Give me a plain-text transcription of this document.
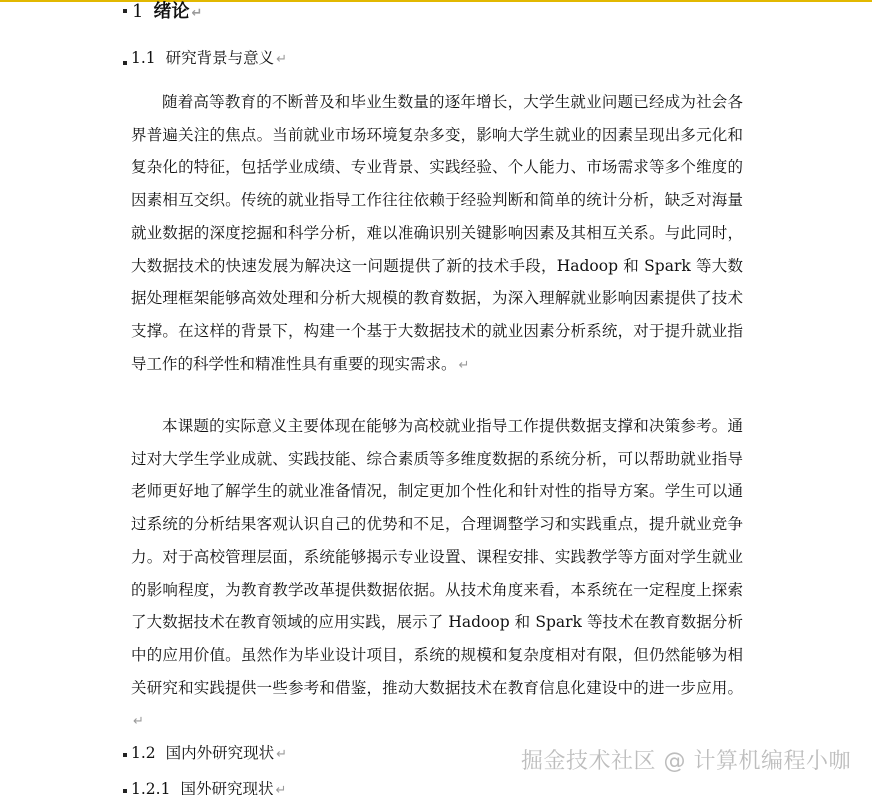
1 绪论 ↵
1.1 研究背景与意义 ↵

随着高等教育的不断普及和毕业生数量的逐年增长，大学生就业问题已经成为社会各界普遍关注的焦点。当前就业市场环境复杂多变，影响大学生就业的因素呈现出多元化和复杂化的特征，包括学业成绩、专业背景、实践经验、个人能力、市场需求等多个维度的因素相互交织。传统的就业指导工作往往依赖于经验判断和简单的统计分析，缺乏对海量就业数据的深度挖掘和科学分析，难以准确识别关键影响因素及其相互关系。与此同时，大数据技术的快速发展为解决这一问题提供了新的技术手段，Hadoop 和 Spark 等大数据处理框架能够高效处理和分析大规模的教育数据，为深入理解就业影响因素提供了技术支撑。在这样的背景下，构建一个基于大数据技术的就业因素分析系统，对于提升就业指导工作的科学性和精准性具有重要的现实需求。 ↵

本课题的实际意义主要体现在能够为高校就业指导工作提供数据支撑和决策参考。通过对大学生学业成就、实践技能、综合素质等多维度数据的系统分析，可以帮助就业指导老师更好地了解学生的就业准备情况，制定更加个性化和针对性的指导方案。学生可以通过系统的分析结果客观认识自己的优势和不足，合理调整学习和实践重点，提升就业竞争力。对于高校管理层面，系统能够揭示专业设置、课程安排、实践教学等方面对学生就业的影响程度，为教育教学改革提供数据依据。从技术角度来看，本系统在一定程度上探索了大数据技术在教育领域的应用实践，展示了 Hadoop 和 Spark 等技术在教育数据分析中的应用价值。虽然作为毕业设计项目，系统的规模和复杂度相对有限，但仍然能够为相关研究和实践提供一些参考和借鉴，推动大数据技术在教育信息化建设中的进一步应用。↵

1.2 国内外研究现状 ↵
1.2.1 国外研究现状 ↵
掘金技术社区 @ 计算机编程小咖
